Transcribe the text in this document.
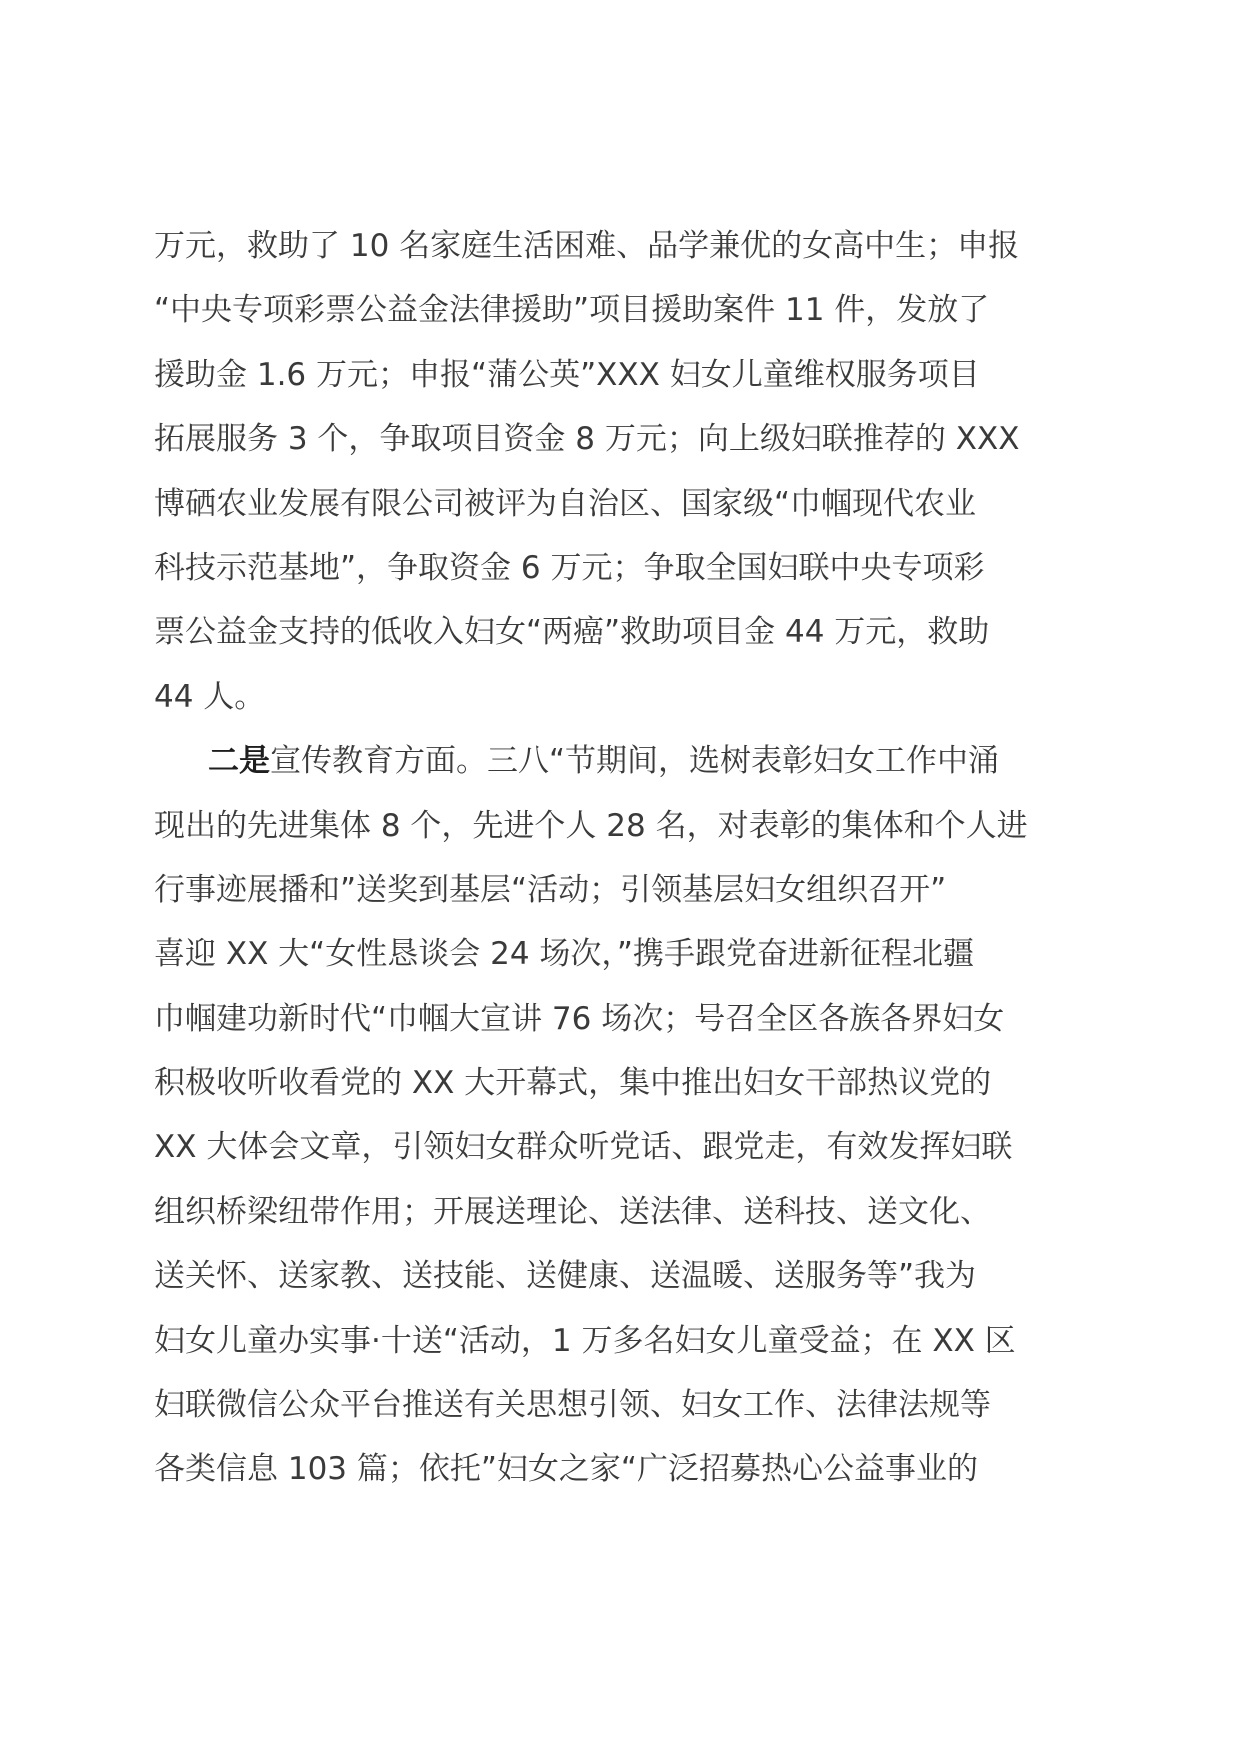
万元，救助了 10 名家庭生活困难、品学兼优的女高中生；申报
“中央专项彩票公益金法律援助”项目援助案件 11 件，发放了
援助金 1.6 万元；申报“蒲公英”XXX 妇女儿童维权服务项目
拓展服务 3 个，争取项目资金 8 万元；向上级妇联推荐的 XXX
博硒农业发展有限公司被评为自治区、国家级“巾帼现代农业
科技示范基地”，争取资金 6 万元；争取全国妇联中央专项彩
票公益金支持的低收入妇女“两癌”救助项目金 44 万元，救助
44 人。
二是宣传教育方面。三八“节期间，选树表彰妇女工作中涌
现出的先进集体 8 个，先进个人 28 名，对表彰的集体和个人进
行事迹展播和”送奖到基层“活动；引领基层妇女组织召开”
喜迎 XX 大“女性恳谈会 24 场次，”携手跟党奋进新征程北疆
巾帼建功新时代“巾帼大宣讲 76 场次；号召全区各族各界妇女
积极收听收看党的 XX 大开幕式，集中推出妇女干部热议党的
XX 大体会文章，引领妇女群众听党话、跟党走，有效发挥妇联
组织桥梁纽带作用；开展送理论、送法律、送科技、送文化、
送关怀、送家教、送技能、送健康、送温暖、送服务等”我为
妇女儿童办实事·十送“活动，1 万多名妇女儿童受益；在 XX 区
妇联微信公众平台推送有关思想引领、妇女工作、法律法规等
各类信息 103 篇；依托”妇女之家“广泛招募热心公益事业的
